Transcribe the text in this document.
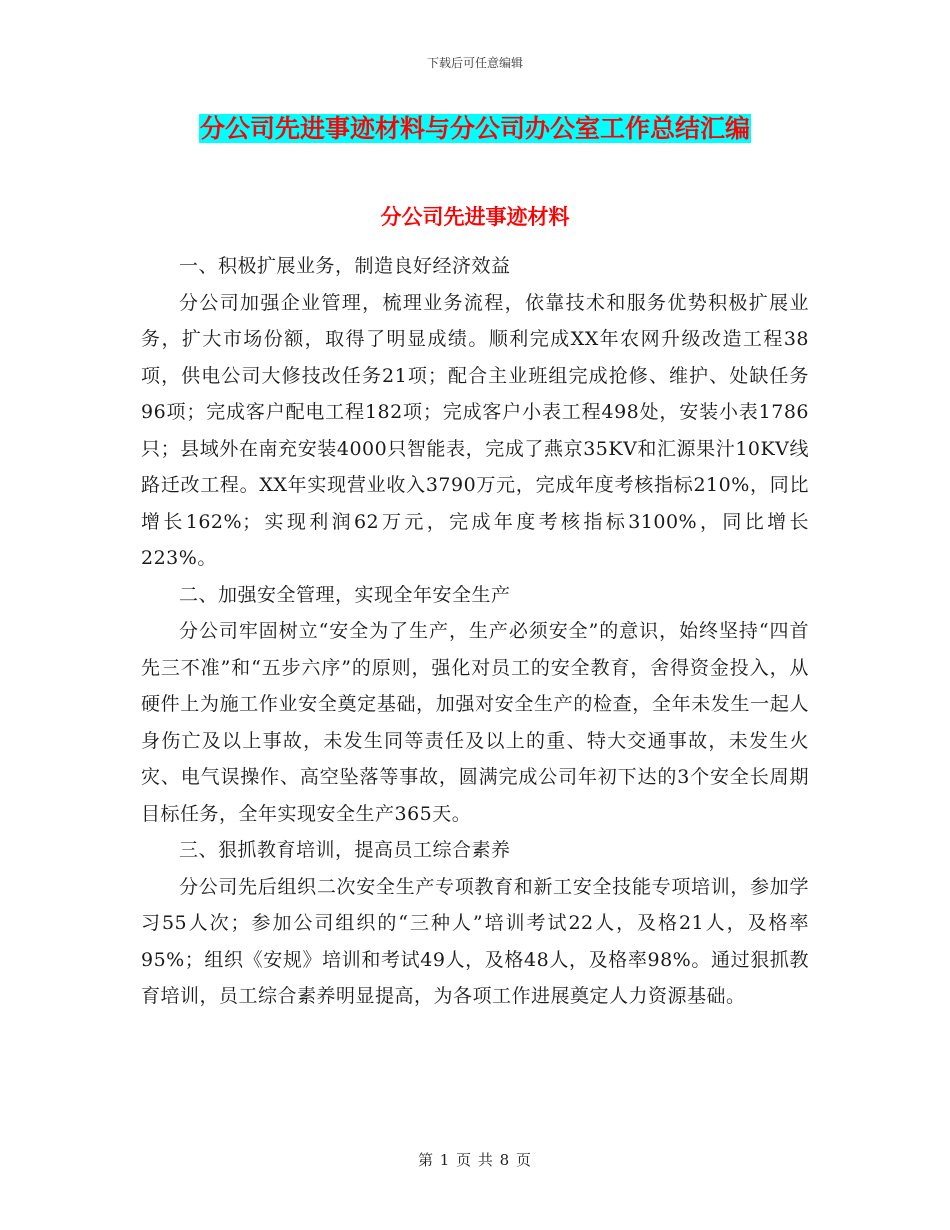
下载后可任意编辑
分公司先进事迹材料与分公司办公室工作总结汇编
分公司先进事迹材料

一、积极扩展业务，制造良好经济效益

分公司加强企业管理，梳理业务流程，依靠技术和服务优势积极扩展业务，扩大市场份额，取得了明显成绩。顺利完成XX年农网升级改造工程38项，供电公司大修技改任务21项；配合主业班组完成抢修、维护、处缺任务96项；完成客户配电工程182项；完成客户小表工程498处，安装小表1786只；县域外在南充安装4000只智能表，完成了燕京35KV和汇源果汁10KV线路迁改工程。XX年实现营业收入3790万元，完成年度考核指标210%，同比增长162%；实现利润62万元，完成年度考核指标3100%，同比增长223%。

二、加强安全管理，实现全年安全生产

分公司牢固树立“安全为了生产，生产必须安全”的意识，始终坚持“四首先三不准”和“五步六序”的原则，强化对员工的安全教育，舍得资金投入，从硬件上为施工作业安全奠定基础，加强对安全生产的检查，全年未发生一起人身伤亡及以上事故，未发生同等责任及以上的重、特大交通事故，未发生火灾、电气误操作、高空坠落等事故，圆满完成公司年初下达的3个安全长周期目标任务，全年实现安全生产365天。

三、狠抓教育培训，提高员工综合素养

分公司先后组织二次安全生产专项教育和新工安全技能专项培训，参加学习55人次；参加公司组织的“三种人”培训考试22人，及格21人，及格率95%；组织《安规》培训和考试49人，及格48人，及格率98%。通过狠抓教育培训，员工综合素养明显提高，为各项工作进展奠定人力资源基础。

第 1 页 共 8 页
